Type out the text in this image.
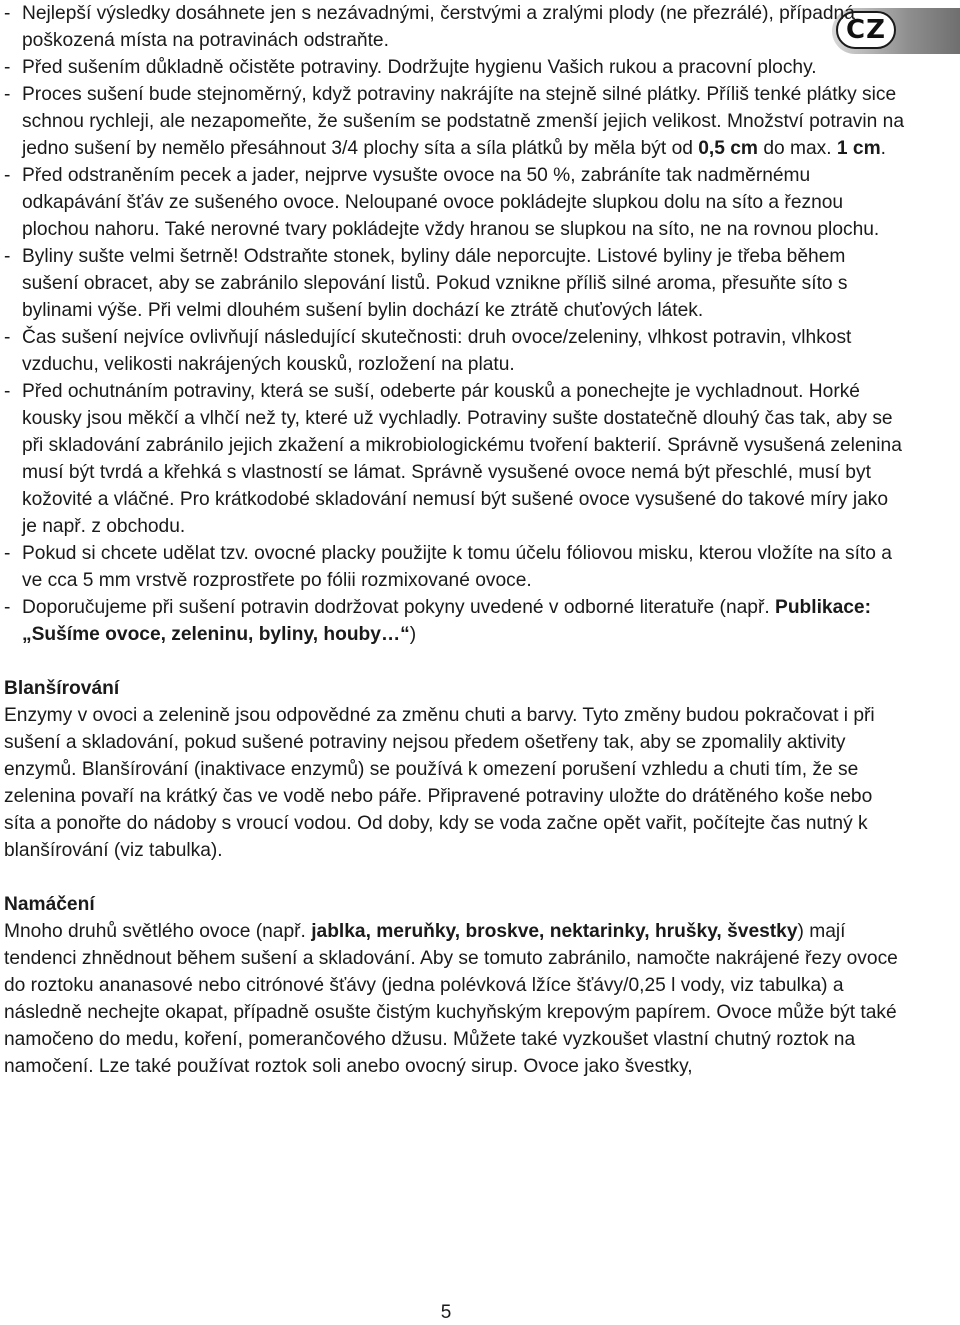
CZ
- Nejlepší výsledky dosáhnete jen s nezávadnými, čerstvými a zralými plody (ne přezrálé), případná poškozená místa na potravinách odstraňte.

- Před sušením důkladně očistěte potraviny. Dodržujte hygienu Vašich rukou a pracovní plochy.

- Proces sušení bude stejnoměrný, když potraviny nakrájíte na stejně silné plátky. Příliš tenké plátky sice schnou rychleji, ale nezapomeňte, že sušením se podstatně zmenší jejich velikost. Množství potravin na jedno sušení by nemělo přesáhnout 3/4 plochy síta a síla plátků by měla být od 0,5 cm do max. 1 cm.

- Před odstraněním pecek a jader, nejprve vysušte ovoce na 50 %, zabráníte tak nadměrnému odkapávání šťáv ze sušeného ovoce. Neloupané ovoce pokládejte slupkou dolu na síto a řeznou plochou nahoru. Také nerovné tvary pokládejte vždy hranou se slupkou na síto, ne na rovnou plochu.

- Byliny sušte velmi šetrně! Odstraňte stonek, byliny dále neporcujte. Listové byliny je třeba během sušení obracet, aby se zabránilo slepování listů. Pokud vznikne příliš silné aroma, přesuňte síto s bylinami výše. Při velmi dlouhém sušení bylin dochází ke ztrátě chuťových látek.

- Čas sušení nejvíce ovlivňují následující skutečnosti: druh ovoce/zeleniny, vlhkost potravin, vlhkost vzduchu, velikosti nakrájených kousků, rozložení na platu.

- Před ochutnáním potraviny, která se suší, odeberte pár kousků a ponechejte je vychladnout. Horké kousky jsou měkčí a vlhčí než ty, které už vychladly. Potraviny sušte dostatečně dlouhý čas tak, aby se při skladování zabránilo jejich zkažení a mikrobiologickému tvoření bakterií. Správně vysušená zelenina musí být tvrdá a křehká s vlastností se lámat. Správně vysušené ovoce nemá být přeschlé, musí byt kožovité a vláčné. Pro krátkodobé skladování nemusí být sušené ovoce vysušené do takové míry jako je např. z obchodu.

- Pokud si chcete udělat tzv. ovocné placky použijte k tomu účelu fóliovou misku, kterou vložíte na síto a ve cca 5 mm vrstvě rozprostřete po fólii rozmixované ovoce.

- Doporučujeme při sušení potravin dodržovat pokyny uvedené v odborné literatuře (např. Publikace: „Sušíme ovoce, zeleninu, byliny, houby…“)

Blanšírování

Enzymy v ovoci a zelenině jsou odpovědné za změnu chuti a barvy. Tyto změny budou pokračovat i při sušení a skladování, pokud sušené potraviny nejsou předem ošetřeny tak, aby se zpomalily aktivity enzymů. Blanšírování (inaktivace enzymů) se používá k omezení porušení vzhledu a chuti tím, že se zelenina povaří na krátký čas ve vodě nebo páře. Připravené potraviny uložte do drátěného koše nebo síta a ponořte do nádoby s vroucí vodou. Od doby, kdy se voda začne opět vařit, počítejte čas nutný k blanšírování (viz tabulka).

Namáčení

Mnoho druhů světlého ovoce (např. jablka, meruňky, broskve, nektarinky, hrušky, švestky) mají tendenci zhnědnout během sušení a skladování. Aby se tomuto zabránilo, namočte nakrájené řezy ovoce do roztoku ananasové nebo citrónové šťávy (jedna polévková lžíce šťávy/0,25 l vody, viz tabulka) a následně nechejte okapat, případně osušte čistým kuchyňským krepovým papírem. Ovoce může být také namočeno do medu, koření, pomerančového džusu. Můžete také vyzkoušet vlastní chutný roztok na namočení. Lze také používat roztok soli anebo ovocný sirup. Ovoce jako švestky,

5
